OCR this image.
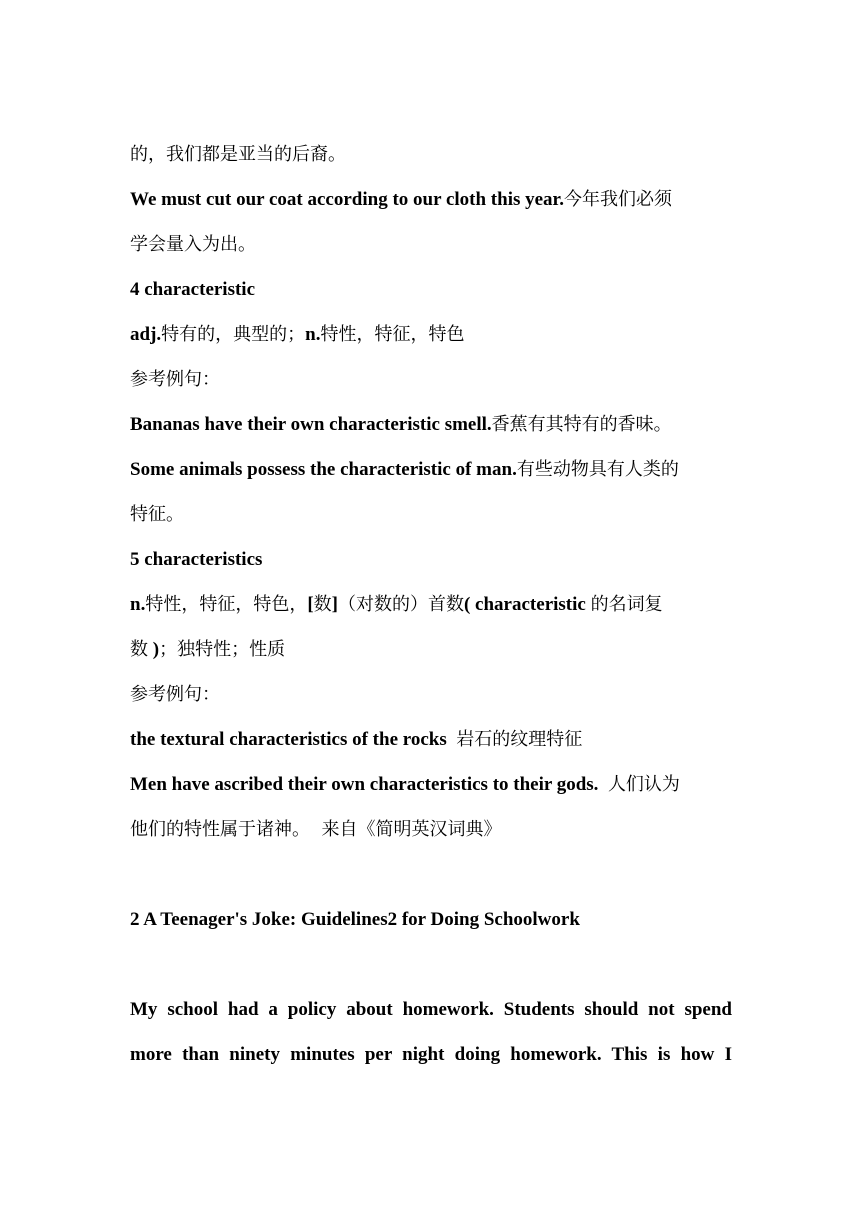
的，我们都是亚当的后裔。
We must cut our coat according to our cloth this year.今年我们必须
学会量入为出。
4 characteristic
adj.特有的，典型的；n.特性，特征，特色
参考例句：
Bananas have their own characteristic smell.香蕉有其特有的香味。
Some animals possess the characteristic of man.有些动物具有人类的
特征。
5 characteristics
n.特性，特征，特色，[数]（对数的）首数( characteristic 的名词复
数 )；独特性；性质
参考例句：
the textural characteristics of the rocks  岩石的纹理特征
Men have ascribed their own characteristics to their gods.  人们认为
他们的特性属于诸神。  来自《简明英汉词典》
2 A Teenager's Joke: Guidelines2 for Doing Schoolwork
My school had a policy about homework. Students should not spend
more than ninety minutes per night doing homework. This is how I
